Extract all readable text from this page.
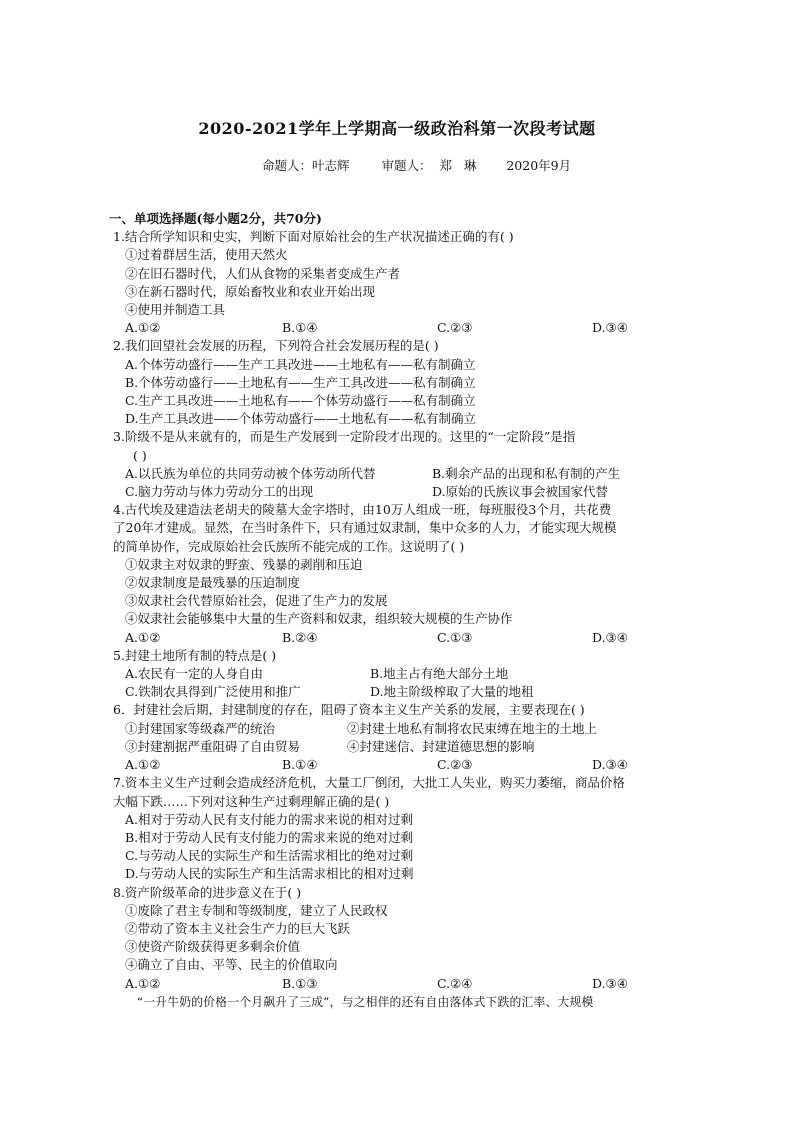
2020-2021学年上学期高一级政治科第一次段考试题
命题人：叶志辉	审题人：  郑   琳 2020年9月
一、单项选择题(每小题2分，共70分)
1.结合所学知识和史实，判断下面对原始社会的生产状况描述正确的有( )
①过着群居生活，使用天然火
②在旧石器时代，人们从食物的采集者变成生产者
③在新石器时代，原始畜牧业和农业开始出现
④使用并制造工具
A.①②	B.①④	C.②③	D.③④
2.我们回望社会发展的历程，下列符合社会发展历程的是( )
A.个体劳动盛行——生产工具改进——土地私有——私有制确立
B.个体劳动盛行——土地私有——生产工具改进——私有制确立
C.生产工具改进——土地私有——个体劳动盛行——私有制确立
D.生产工具改进——个体劳动盛行——土地私有——私有制确立
3.阶级不是从来就有的，而是生产发展到一定阶段才出现的。这里的“一定阶段”是指
( )
A.以氏族为单位的共同劳动被个体劳动所代替	B.剩余产品的出现和私有制的产生
C.脑力劳动与体力劳动分工的出现	D.原始的氏族议事会被国家代替
4.古代埃及建造法老胡夫的陵墓大金字塔时，由10万人组成一班，每班服役3个月，共花费
了20年才建成。显然，在当时条件下，只有通过奴隶制，集中众多的人力，才能实现大规模
的简单协作，完成原始社会氏族所不能完成的工作。这说明了( )
①奴隶主对奴隶的野蛮、残暴的剥削和压迫
②奴隶制度是最残暴的压迫制度
③奴隶社会代替原始社会，促进了生产力的发展
④奴隶社会能够集中大量的生产资料和奴隶，组织较大规模的生产协作
A.①②	B.②④	C.①③	D.③④
5.封建土地所有制的特点是( )
A.农民有一定的人身自由	B.地主占有绝大部分土地
C.铁制农具得到广泛使用和推广	D.地主阶级榨取了大量的地租
6．封建社会后期，封建制度的存在，阻碍了资本主义生产关系的发展，主要表现在( )
①封建国家等级森严的统治	②封建土地私有制将农民束缚在地主的土地上
③封建割据严重阻碍了自由贸易	④封建迷信、封建道德思想的影响
A.①②	B.①④	C.②③	D.③④
7.资本主义生产过剩会造成经济危机，大量工厂倒闭，大批工人失业，购买力萎缩，商品价格
大幅下跌……下列对这种生产过剩理解正确的是( )
A.相对于劳动人民有支付能力的需求来说的相对过剩
B.相对于劳动人民有支付能力的需求来说的绝对过剩
C.与劳动人民的实际生产和生活需求相比的绝对过剩
D.与劳动人民的实际生产和生活需求相比的相对过剩
8.资产阶级革命的进步意义在于( )
①废除了君主专制和等级制度，建立了人民政权
②带动了资本主义社会生产力的巨大飞跃
③使资产阶级获得更多剩余价值
④确立了自由、平等、民主的价值取向
A.①②	B.①③	C.②④	D.③④
“一升牛奶的价格一个月飙升了三成”，与之相伴的还有自由落体式下跌的汇率、大规模
